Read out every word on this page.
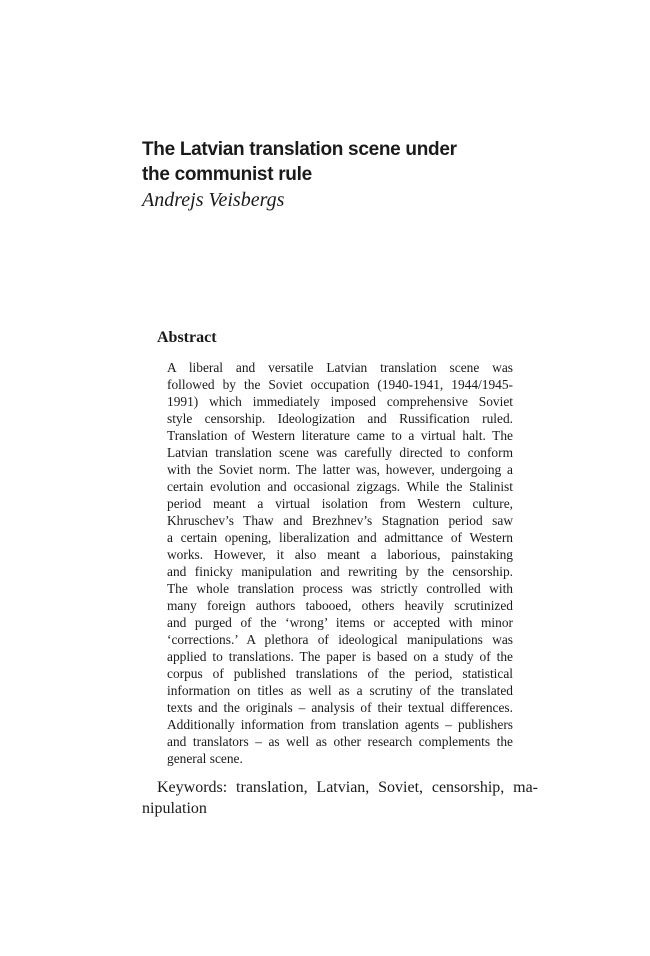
The Latvian translation scene under
the communist rule

Andrejs Veisbergs

Abstract
A liberal and versatile Latvian translation scene was
followed by the Soviet occupation (1940-1941, 1944/1945-
1991) which immediately imposed comprehensive Soviet
style censorship. Ideologization and Russification ruled.
Translation of Western literature came to a virtual halt. The
Latvian translation scene was carefully directed to conform
with the Soviet norm. The latter was, however, undergoing a
certain evolution and occasional zigzags. While the Stalinist
period meant a virtual isolation from Western culture,
Khruschev’s Thaw and Brezhnev’s Stagnation period saw
a certain opening, liberalization and admittance of Western
works. However, it also meant a laborious, painstaking
and finicky manipulation and rewriting by the censorship.
The whole translation process was strictly controlled with
many foreign authors tabooed, others heavily scrutinized
and purged of the ‘wrong’ items or accepted with minor
‘corrections.’ A plethora of ideological manipulations was
applied to translations. The paper is based on a study of the
corpus of published translations of the period, statistical
information on titles as well as a scrutiny of the translated
texts and the originals – analysis of their textual differences.
Additionally information from translation agents – publishers
and translators – as well as other research complements the
general scene.
Keywords: translation, Latvian, Soviet, censorship, ma-
nipulation
